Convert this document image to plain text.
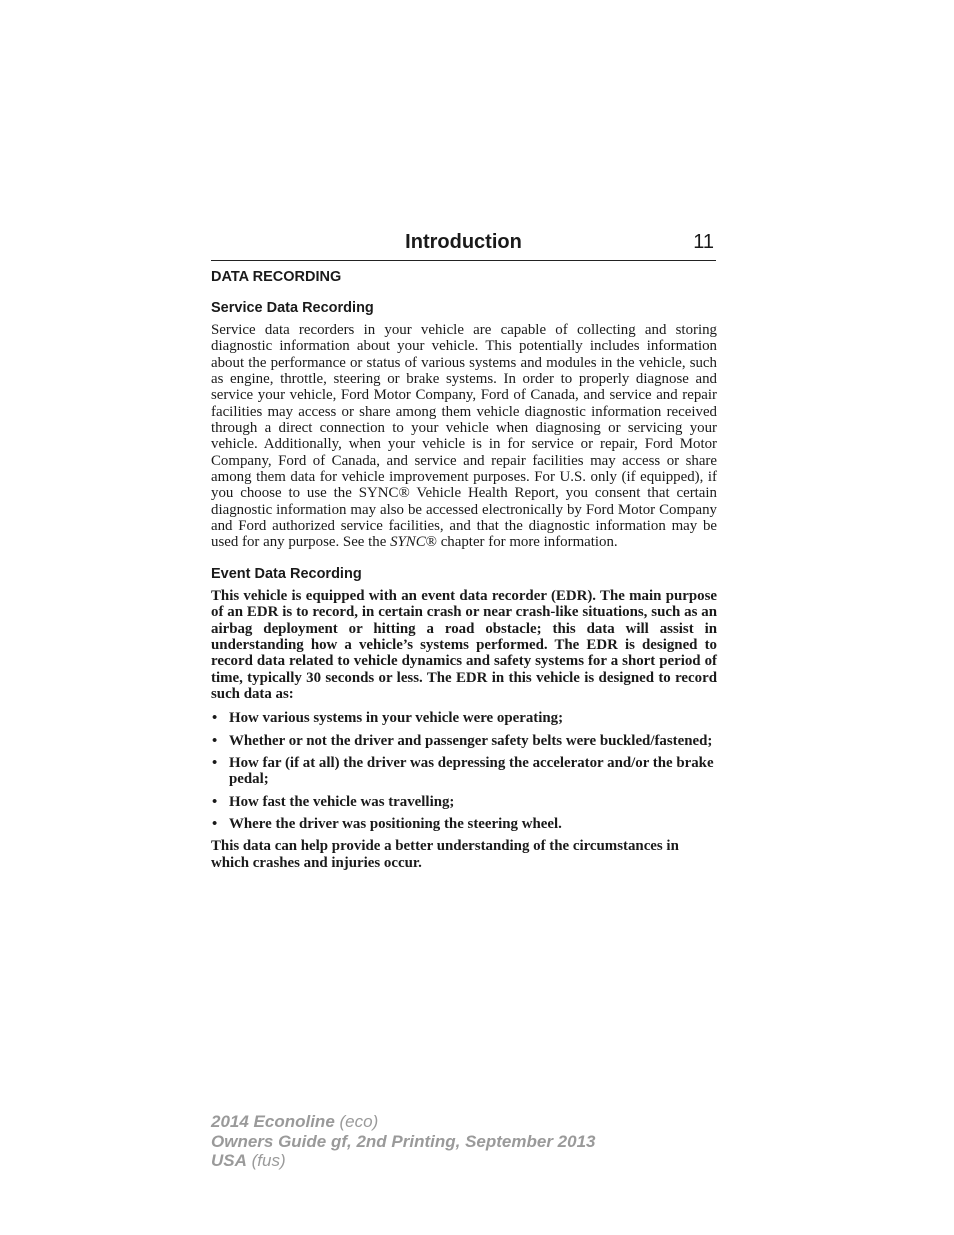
Introduction	11
DATA RECORDING
Service Data Recording

Service data recorders in your vehicle are capable of collecting and storing diagnostic information about your vehicle. This potentially includes information about the performance or status of various systems and modules in the vehicle, such as engine, throttle, steering or brake systems. In order to properly diagnose and service your vehicle, Ford Motor Company, Ford of Canada, and service and repair facilities may access or share among them vehicle diagnostic information received through a direct connection to your vehicle when diagnosing or servicing your vehicle. Additionally, when your vehicle is in for service or repair, Ford Motor Company, Ford of Canada, and service and repair facilities may access or share among them data for vehicle improvement purposes. For U.S. only (if equipped), if you choose to use the SYNC® Vehicle Health Report, you consent that certain diagnostic information may also be accessed electronically by Ford Motor Company and Ford authorized service facilities, and that the diagnostic information may be used for any purpose. See the SYNC® chapter for more information.

Event Data Recording

This vehicle is equipped with an event data recorder (EDR). The main purpose of an EDR is to record, in certain crash or near crash-like situations, such as an airbag deployment or hitting a road obstacle; this data will assist in understanding how a vehicle’s systems performed. The EDR is designed to record data related to vehicle dynamics and safety systems for a short period of time, typically 30 seconds or less. The EDR in this vehicle is designed to record such data as:

• How various systems in your vehicle were operating;
• Whether or not the driver and passenger safety belts were buckled/fastened;
• How far (if at all) the driver was depressing the accelerator and/or the brake pedal;
• How fast the vehicle was travelling;
• Where the driver was positioning the steering wheel.

This data can help provide a better understanding of the circumstances in which crashes and injuries occur.

2014 Econoline (eco)
Owners Guide gf, 2nd Printing, September 2013
USA (fus)
